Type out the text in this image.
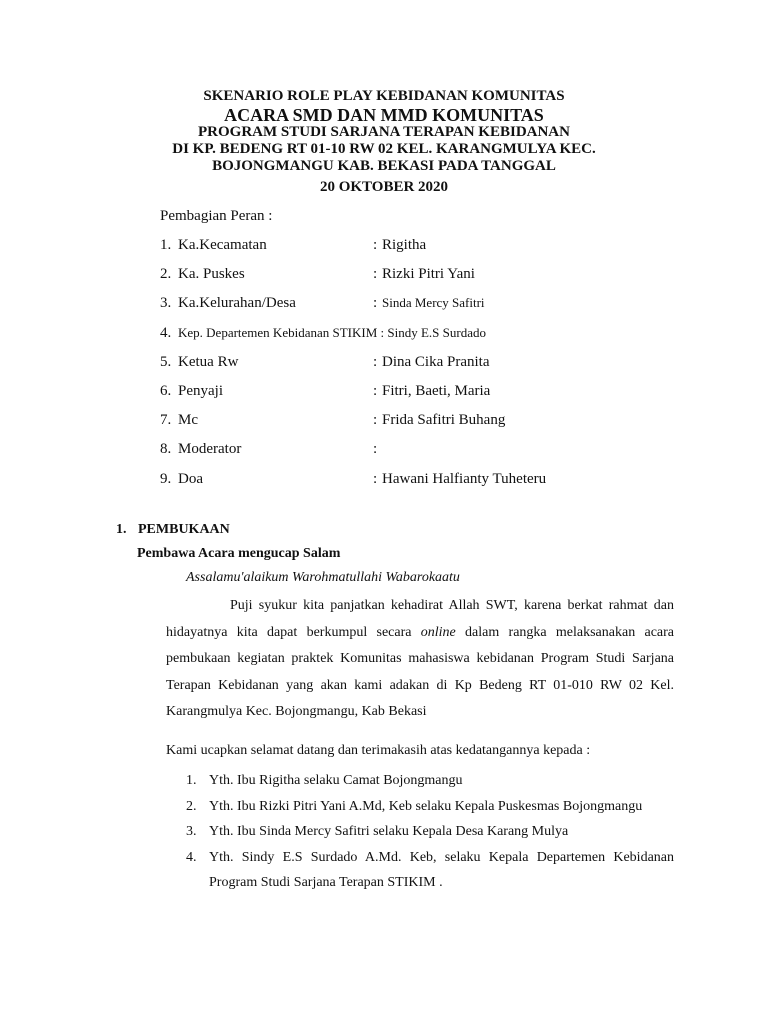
SKENARIO ROLE PLAY KEBIDANAN KOMUNITAS
ACARA SMD DAN MMD KOMUNITAS
PROGRAM STUDI SARJANA TERAPAN KEBIDANAN
DI KP. BEDENG RT 01-10 RW 02 KEL. KARANGMULYA KEC.
BOJONGMANGU KAB. BEKASI PADA TANGGAL
20 OKTOBER 2020
Pembagian Peran :
1. Ka.Kecamatan	: Rigitha
2. Ka. Puskes	: Rizki Pitri Yani
3. Ka.Kelurahan/Desa	: Sinda Mercy Safitri
4. Kep. Departemen Kebidanan STIKIM : Sindy E.S Surdado
5. Ketua Rw	: Dina Cika Pranita
6. Penyaji	: Fitri, Baeti, Maria
7. Mc	: Frida Safitri Buhang
8. Moderator	:
9. Doa	: Hawani Halfianty Tuheteru
1. PEMBUKAAN
Pembawa Acara mengucap Salam
Assalamu'alaikum Warohmatullahi Wabarokaatu
Puji syukur kita panjatkan kehadirat Allah SWT, karena berkat rahmat dan hidayatnya kita dapat berkumpul secara online dalam rangka melaksanakan acara pembukaan kegiatan praktek Komunitas mahasiswa kebidanan Program Studi Sarjana Terapan Kebidanan yang akan kami adakan di Kp Bedeng RT 01-010 RW 02 Kel. Karangmulya Kec. Bojongmangu, Kab Bekasi
Kami ucapkan selamat datang dan terimakasih atas kedatangannya kepada :
1. Yth. Ibu Rigitha selaku Camat Bojongmangu
2. Yth. Ibu Rizki Pitri Yani A.Md, Keb selaku Kepala Puskesmas Bojongmangu
3. Yth. Ibu Sinda Mercy Safitri selaku Kepala Desa Karang Mulya
4. Yth. Sindy E.S Surdado A.Md. Keb, selaku Kepala Departemen Kebidanan Program Studi Sarjana Terapan STIKIM .
